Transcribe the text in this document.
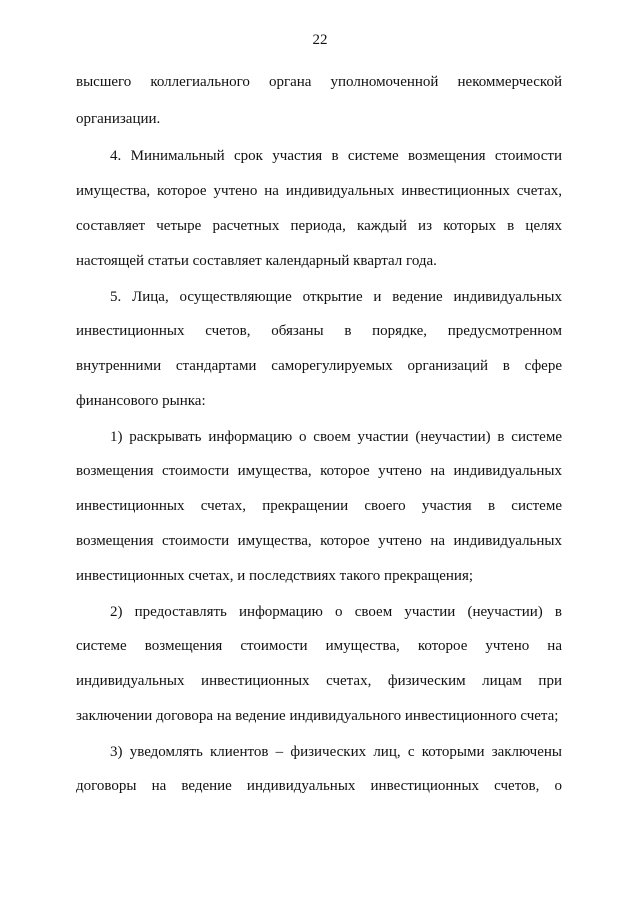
22
высшего коллегиального органа уполномоченной некоммерческой
организации.
4. Минимальный срок участия в системе возмещения стоимости
имущества, которое учтено на индивидуальных инвестиционных счетах,
составляет четыре расчетных периода, каждый из которых в целях
настоящей статьи составляет календарный квартал года.
5. Лица, осуществляющие открытие и ведение индивидуальных
инвестиционных счетов, обязаны в порядке, предусмотренном
внутренними стандартами саморегулируемых организаций в сфере
финансового рынка:
1) раскрывать информацию о своем участии (неучастии) в системе
возмещения стоимости имущества, которое учтено на индивидуальных
инвестиционных счетах, прекращении своего участия в системе
возмещения стоимости имущества, которое учтено на индивидуальных
инвестиционных счетах, и последствиях такого прекращения;
2) предоставлять информацию о своем участии (неучастии) в
системе возмещения стоимости имущества, которое учтено на
индивидуальных инвестиционных счетах, физическим лицам при
заключении договора на ведение индивидуального инвестиционного счета;
3) уведомлять клиентов – физических лиц, с которыми заключены
договоры на ведение индивидуальных инвестиционных счетов, о
